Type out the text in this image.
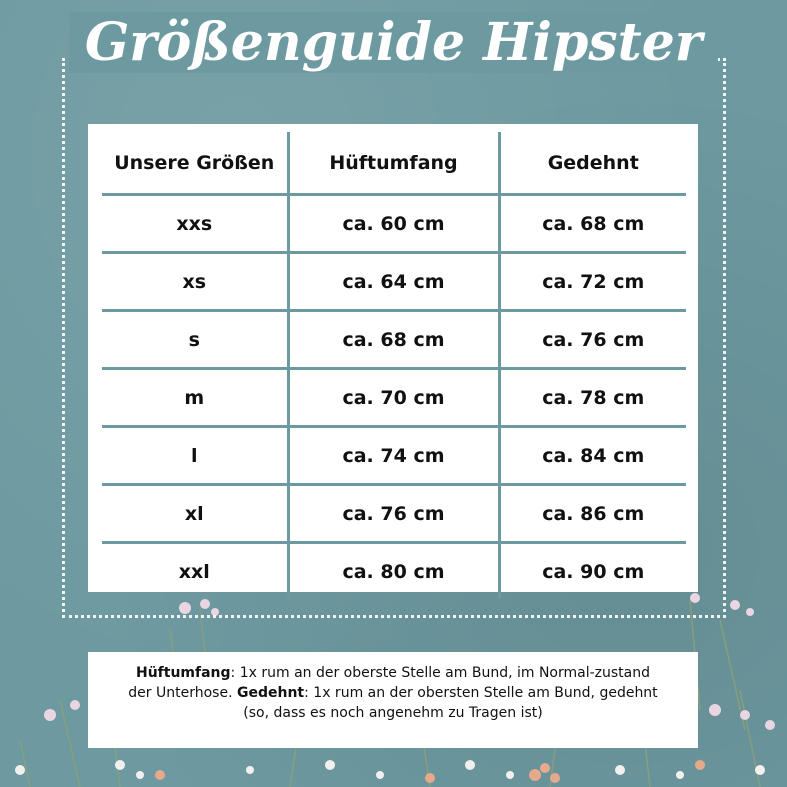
Größenguide Hipster
Unsere Größen	Hüftumfang	Gedehnt
xxs	ca. 60 cm	ca. 68 cm
xs	ca. 64 cm	ca. 72 cm
s	ca. 68 cm	ca. 76 cm
m	ca. 70 cm	ca. 78 cm
l	ca. 74 cm	ca. 84 cm
xl	ca. 76 cm	ca. 86 cm
xxl	ca. 80 cm	ca. 90 cm
Hüftumfang: 1x rum an der oberste Stelle am Bund, im Normal-zustand der Unterhose. Gedehnt: 1x rum an der obersten Stelle am Bund, gedehnt (so, dass es noch angenehm zu Tragen ist)
